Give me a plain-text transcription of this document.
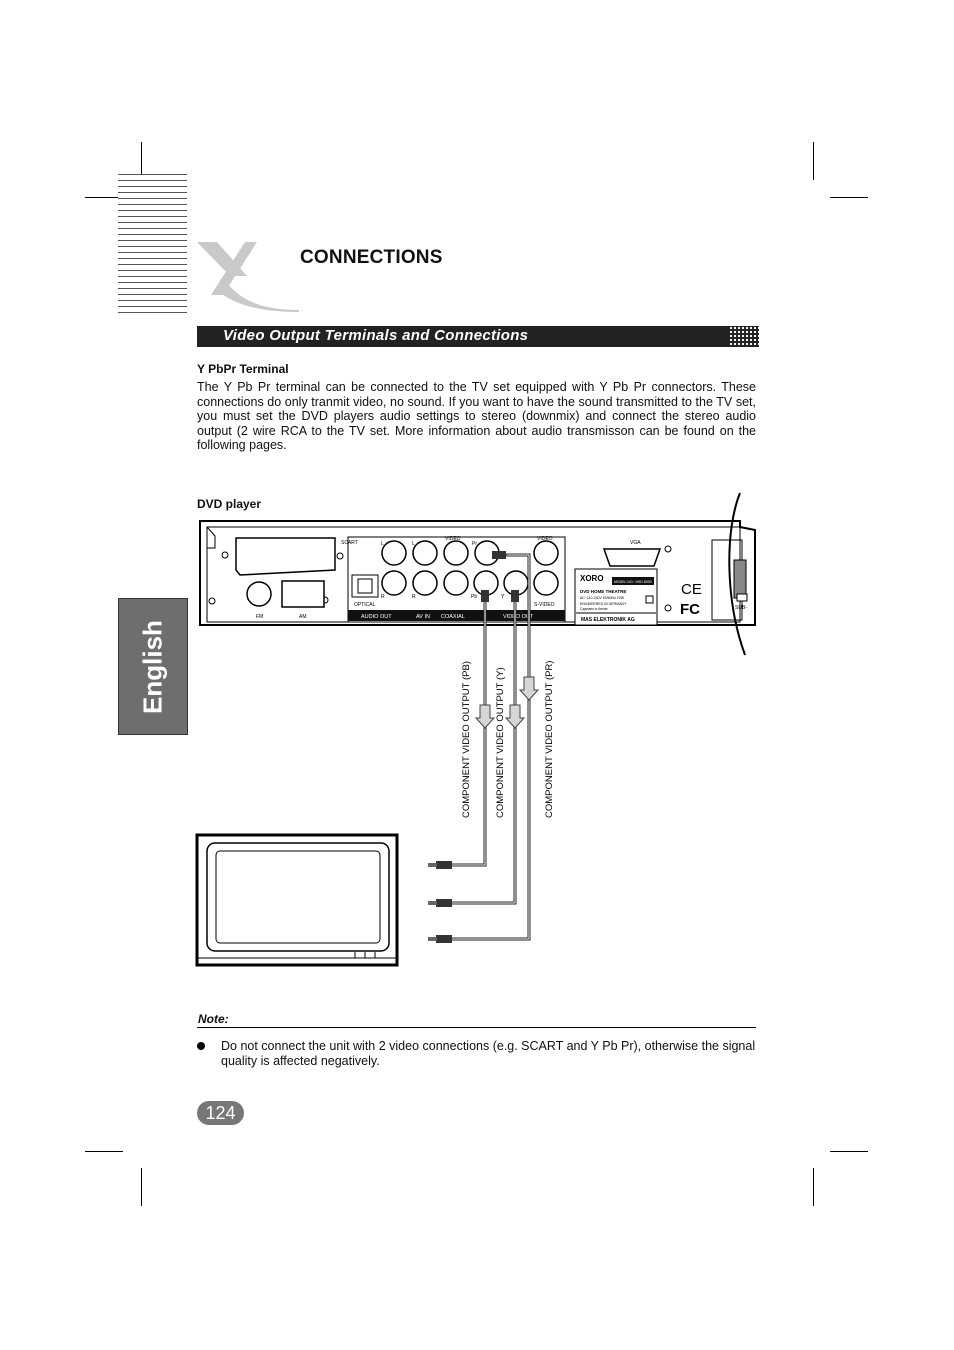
CONNECTIONS
Video Output Terminals and Connections
Y PbPr Terminal
The Y Pb Pr terminal can be connected to the TV set equipped with Y Pb Pr connectors. These connections do only tranmit video, no sound. If you want to have the sound transmitted to the TV set, you must set the DVD players audio settings to stereo (downmix) and connect the stereo audio output (2 wire RCA to the TV set. More information about audio transmisson can be found on the following pages.
DVD player
English
SCART
FM	AM
OPTICAL
L	L
R	R
VIDEO
Pr
VIDEO
Pb	Y
S-VIDEO
AUDIO OUT	AV IN COAXIAL	VIDEO OUT
VGA
XORO	MODEL NO.: HSD 8000
DVD HOME THEATRE
AC~110-240V 50/60Hz 20W
ENGINEERED IN GERMANY
Сделано в Китае
MAS ELEKTRONIK AG
CE
FC	SUB-
COMPONENT VIDEO OUTPUT (PB) COMPONENT VIDEO OUTPUT (Y)	COMPONENT VIDEO OUTPUT (PR)
Note:
Do not connect the unit with 2 video connections (e.g. SCART and Y Pb Pr), otherwise the signal quality is affected negatively.
124
